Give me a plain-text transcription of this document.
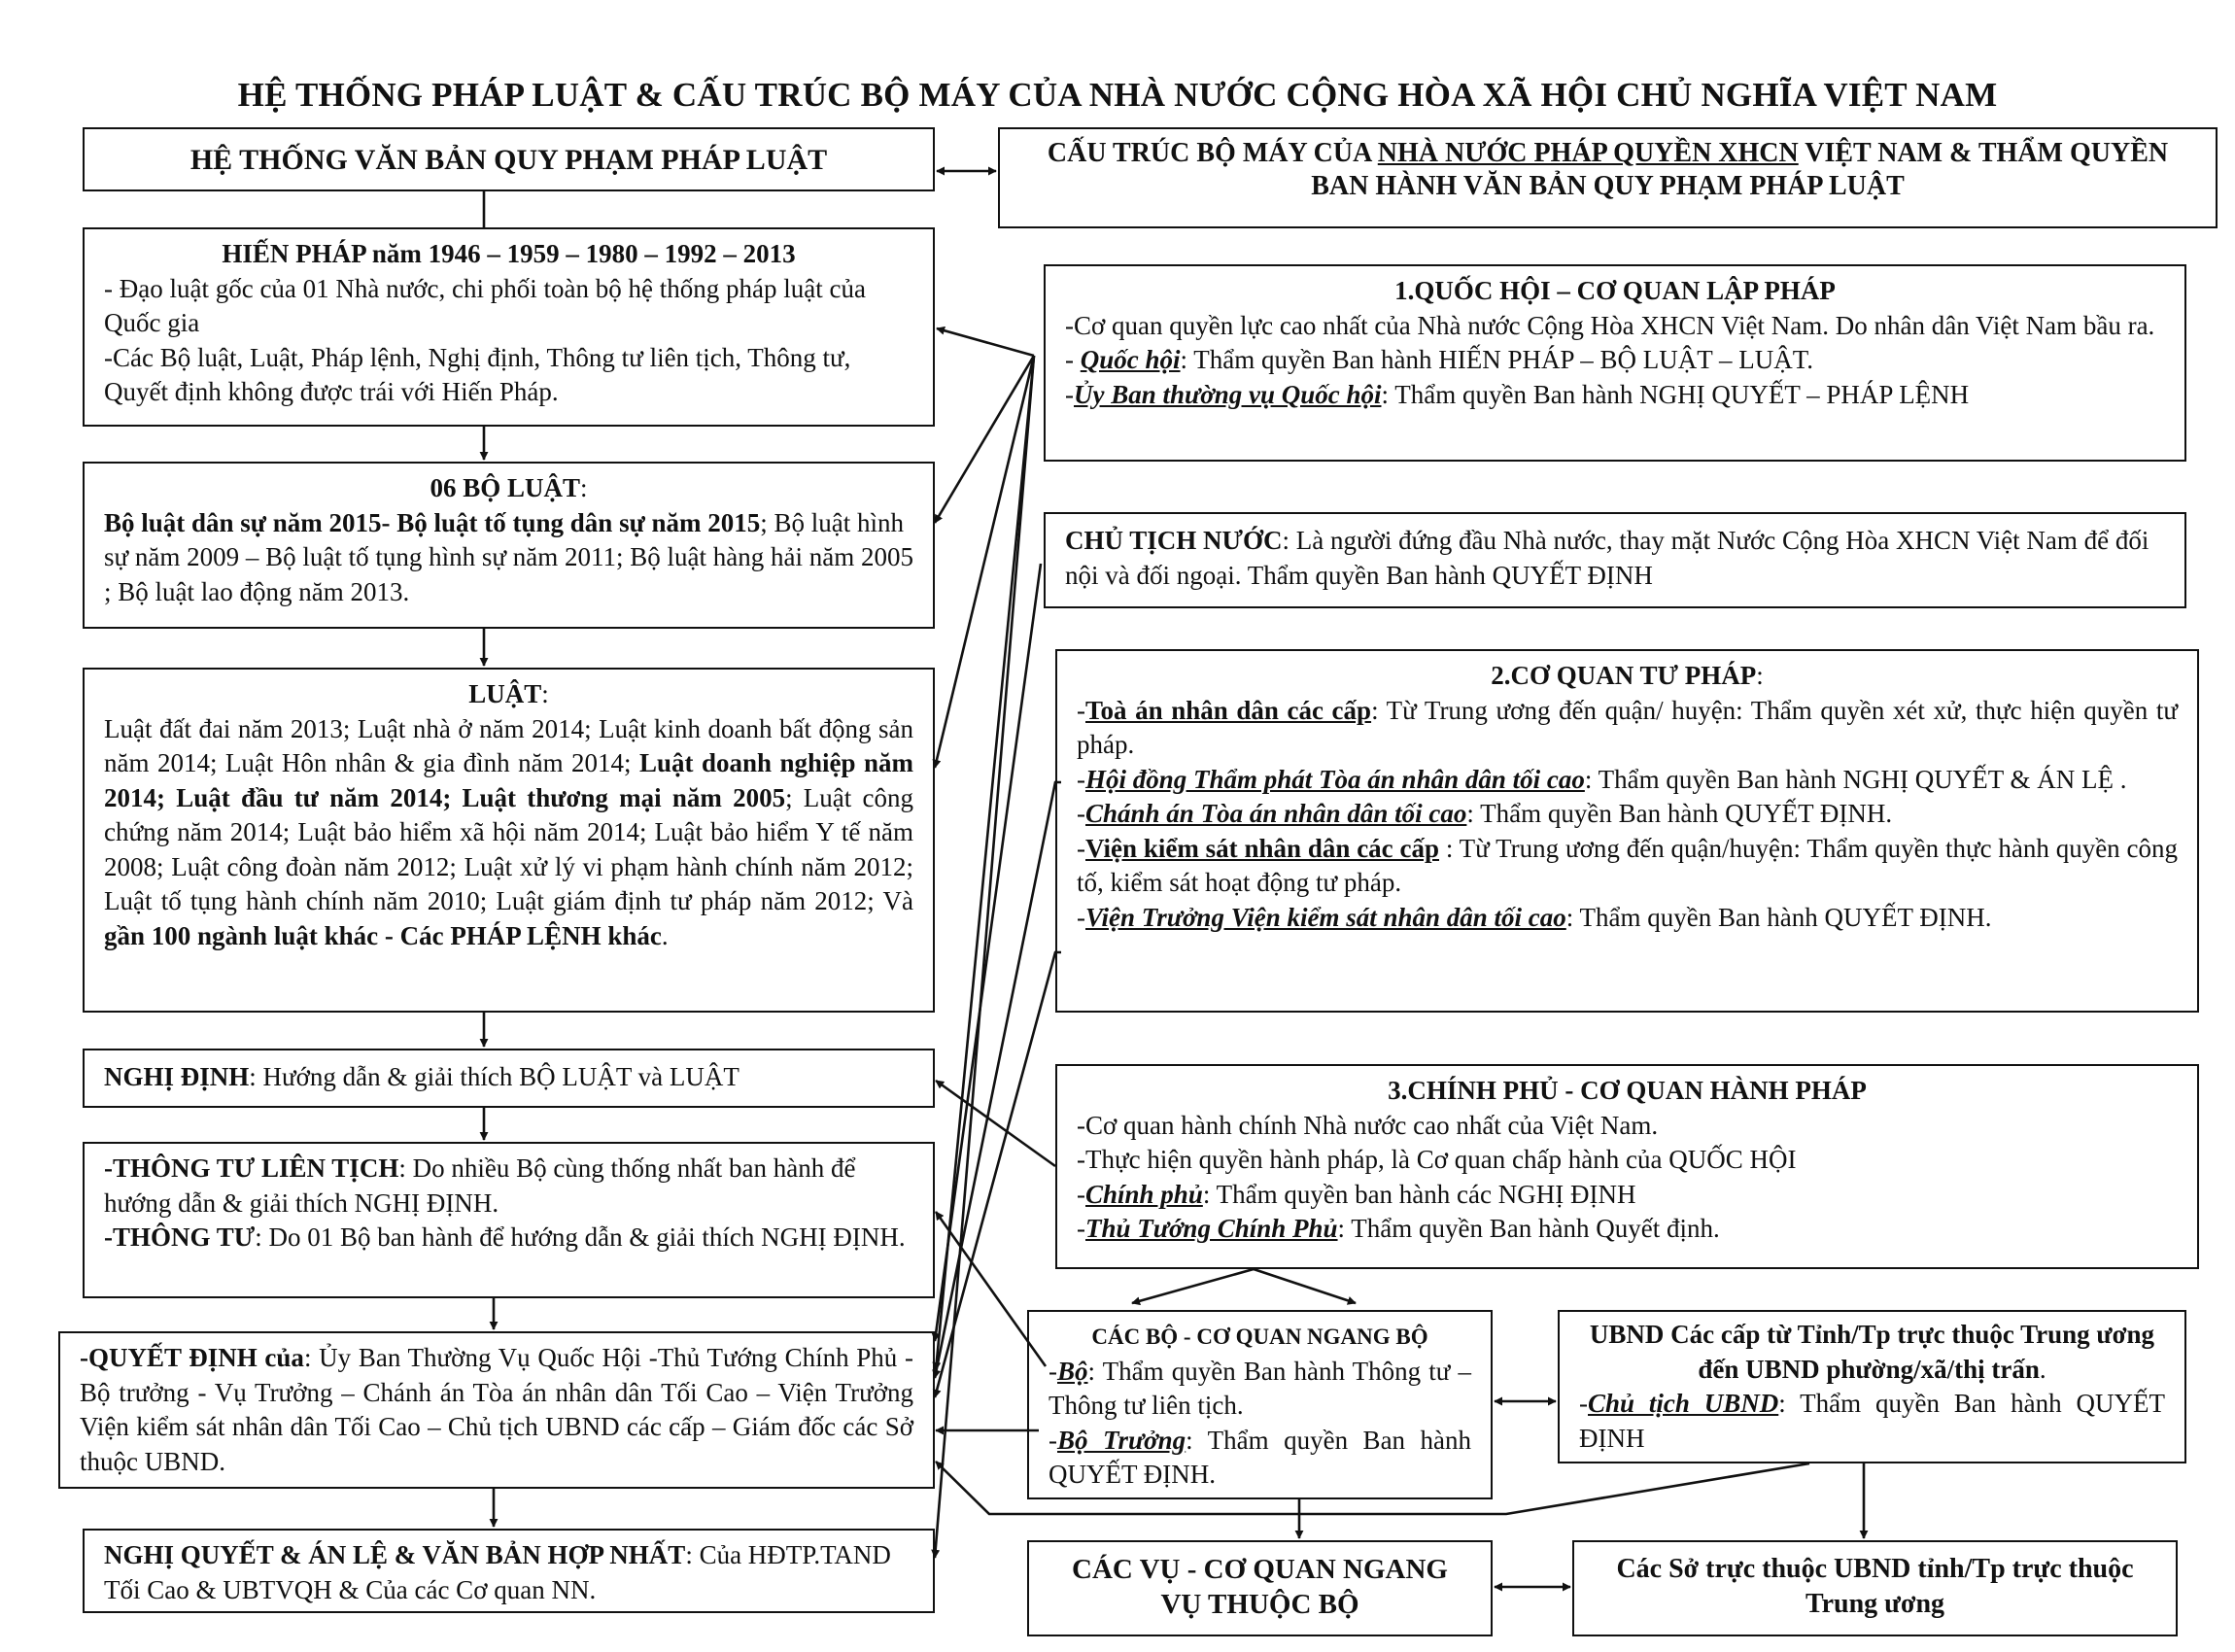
HỆ THỐNG PHÁP LUẬT & CẤU TRÚC BỘ MÁY CỦA NHÀ NƯỚC CỘNG HÒA XÃ HỘI CHỦ NGHĨA VIỆT NAM
HỆ THỐNG VĂN BẢN QUY PHẠM PHÁP LUẬT
HIẾN PHÁP năm 1946 – 1959 – 1980 – 1992 – 2013
- Đạo luật gốc của 01 Nhà nước, chi phối toàn bộ hệ thống pháp luật của Quốc gia
-Các Bộ luật, Luật, Pháp lệnh, Nghị định, Thông tư liên tịch, Thông tư, Quyết định không được trái với Hiến Pháp.
06 BỘ LUẬT:
Bộ luật dân sự năm 2015- Bộ luật tố tụng dân sự năm 2015; Bộ luật hình sự năm 2009 – Bộ luật tố tụng hình sự năm 2011; Bộ luật hàng hải năm 2005 ; Bộ luật lao động năm 2013.
LUẬT:
Luật đất đai năm 2013; Luật nhà ở năm 2014; Luật kinh doanh bất động sản năm 2014; Luật Hôn nhân & gia đình năm 2014; Luật doanh nghiệp năm 2014; Luật đầu tư năm 2014; Luật thương mại năm 2005; Luật công chứng năm 2014; Luật bảo hiểm xã hội năm 2014; Luật bảo hiểm Y tế năm 2008; Luật công đoàn năm 2012; Luật xử lý vi phạm hành chính năm 2012; Luật tố tụng hành chính năm 2010; Luật giám định tư pháp năm 2012; Và gần 100 ngành luật khác - Các PHÁP LỆNH khác.
NGHỊ ĐỊNH: Hướng dẫn & giải thích BỘ LUẬT và LUẬT
-THÔNG TƯ LIÊN TỊCH: Do nhiều Bộ cùng thống nhất ban hành để hướng dẫn & giải thích NGHỊ ĐỊNH.
-THÔNG TƯ: Do 01 Bộ ban hành để hướng dẫn & giải thích NGHỊ ĐỊNH.
-QUYẾT ĐỊNH của: Ủy Ban Thường Vụ Quốc Hội -Thủ Tướng Chính Phủ - Bộ trưởng - Vụ Trưởng – Chánh án Tòa án nhân dân Tối Cao – Viện Trưởng Viện kiểm sát nhân dân Tối Cao – Chủ tịch UBND các cấp – Giám đốc các Sở thuộc UBND.
NGHỊ QUYẾT & ÁN LỆ & VĂN BẢN HỢP NHẤT: Của HĐTP.TAND Tối Cao & UBTVQH & Của các Cơ quan NN.
CẤU TRÚC BỘ MÁY CỦA NHÀ NƯỚC PHÁP QUYỀN XHCN VIỆT NAM & THẨM QUYỀN BAN HÀNH VĂN BẢN QUY PHẠM PHÁP LUẬT
1.QUỐC HỘI – CƠ QUAN LẬP PHÁP
-Cơ quan quyền lực cao nhất của Nhà nước Cộng Hòa XHCN Việt Nam. Do nhân dân Việt Nam bầu ra.
- Quốc hội: Thẩm quyền Ban hành HIẾN PHÁP – BỘ LUẬT – LUẬT.
-Ủy Ban thường vụ Quốc hội: Thẩm quyền Ban hành NGHỊ QUYẾT – PHÁP LỆNH
CHỦ TỊCH NƯỚC: Là người đứng đầu Nhà nước, thay mặt Nước Cộng Hòa XHCN Việt Nam để đối nội và đối ngoại. Thẩm quyền Ban hành QUYẾT ĐỊNH
2.CƠ QUAN TƯ PHÁP:
-Toà án nhân dân các cấp: Từ Trung ương đến quận/ huyện: Thẩm quyền xét xử, thực hiện quyền tư pháp.
-Hội đồng Thẩm phát Tòa án nhân dân tối cao: Thẩm quyền Ban hành NGHỊ QUYẾT & ÁN LỆ .
-Chánh án Tòa án nhân dân tối cao: Thẩm quyền Ban hành QUYẾT ĐỊNH.
-Viện kiểm sát nhân dân các cấp : Từ Trung ương đến quận/huyện: Thẩm quyền thực hành quyền công tố, kiểm sát hoạt động tư pháp.
-Viện Trưởng Viện kiểm sát nhân dân tối cao: Thẩm quyền Ban hành QUYẾT ĐỊNH.
3.CHÍNH PHỦ - CƠ QUAN HÀNH PHÁP
-Cơ quan hành chính Nhà nước cao nhất của Việt Nam.
-Thực hiện quyền hành pháp, là Cơ quan chấp hành của QUỐC HỘI
-Chính phủ: Thẩm quyền ban hành các NGHỊ ĐỊNH
-Thủ Tướng Chính Phủ: Thẩm quyền Ban hành Quyết định.
CÁC BỘ - CƠ QUAN NGANG BỘ
-Bộ: Thẩm quyền Ban hành Thông tư – Thông tư liên tịch.
-Bộ Trưởng: Thẩm quyền Ban hành QUYẾT ĐỊNH.
UBND Các cấp từ Tỉnh/Tp trực thuộc Trung ương đến UBND phường/xã/thị trấn.
-Chủ tịch UBND: Thẩm quyền Ban hành QUYẾT ĐỊNH
CÁC VỤ - CƠ QUAN NGANG VỤ THUỘC BỘ
Các Sở trực thuộc UBND tỉnh/Tp trực thuộc Trung ương
